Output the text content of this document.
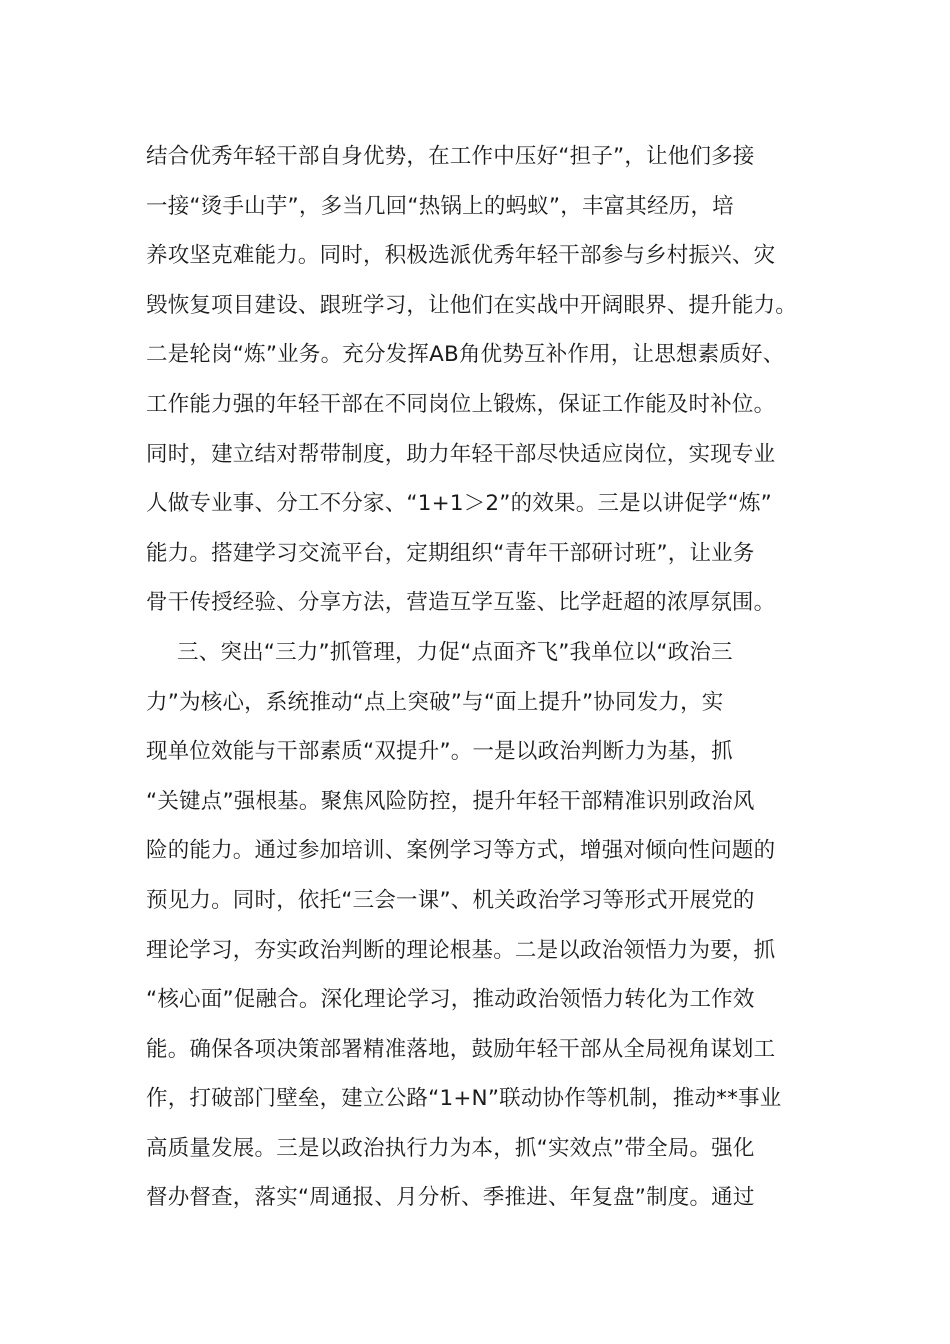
结合优秀年轻干部自身优势，在工作中压好“担子”，让他们多接
一接“烫手山芋”，多当几回“热锅上的蚂蚁”，丰富其经历，培
养攻坚克难能力。同时，积极选派优秀年轻干部参与乡村振兴、灾
毁恢复项目建设、跟班学习，让他们在实战中开阔眼界、提升能力。
二是轮岗“炼”业务。充分发挥AB角优势互补作用，让思想素质好、
工作能力强的年轻干部在不同岗位上锻炼，保证工作能及时补位。
同时，建立结对帮带制度，助力年轻干部尽快适应岗位，实现专业
人做专业事、分工不分家、“1+1＞2”的效果。三是以讲促学“炼”
能力。搭建学习交流平台，定期组织“青年干部研讨班”，让业务
骨干传授经验、分享方法，营造互学互鉴、比学赶超的浓厚氛围。
三、突出“三力”抓管理，力促“点面齐飞”我单位以“政治三
力”为核心，系统推动“点上突破”与“面上提升”协同发力，实
现单位效能与干部素质“双提升”。一是以政治判断力为基，抓
“关键点”强根基。聚焦风险防控，提升年轻干部精准识别政治风
险的能力。通过参加培训、案例学习等方式，增强对倾向性问题的
预见力。同时，依托“三会一课”、机关政治学习等形式开展党的
理论学习，夯实政治判断的理论根基。二是以政治领悟力为要，抓
“核心面”促融合。深化理论学习，推动政治领悟力转化为工作效
能。确保各项决策部署精准落地，鼓励年轻干部从全局视角谋划工
作，打破部门壁垒，建立公路“1+N”联动协作等机制，推动**事业
高质量发展。三是以政治执行力为本，抓“实效点”带全局。强化
督办督查，落实“周通报、月分析、季推进、年复盘”制度。通过
